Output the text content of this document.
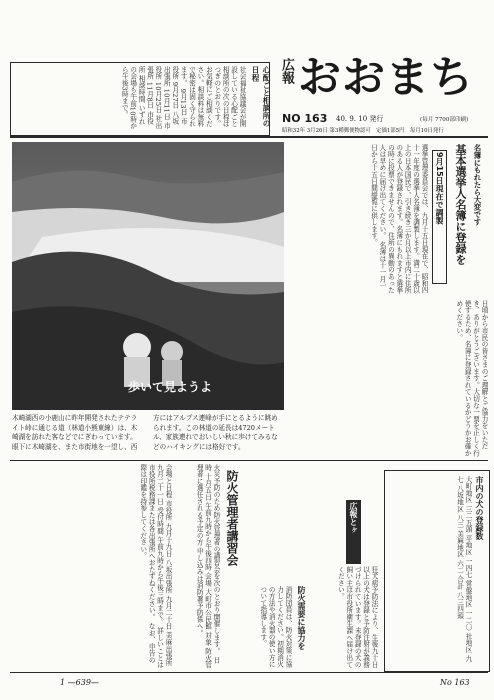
心配ごと相談所の日程
社会福祉協議会が開設している心配ごと相談所の次の日程はつぎのとおりです。お気軽にご相談ください。相談料は無料で秘密は固く守られます。 9月13日 市役所 9月27日 八坂出張所 10月11日 市役所 10月25日 社出張所 11月8日 市役所 相談時間 いずれの会場も午前10時から午後3時まで。	広報 おおまち
NO 163 40. 9. 10 発行	(毎月 7700部印刷)
昭和32年 3月26日 第3種郵便物認可　定価1部5円　毎月10日発行
歩いて見ようよ
木崎湖西の小鹿山に昨年開発されたテテライト峠に通じる道（林道小熊東線）は、木崎湖を訪れた客などでにぎわっています。 眼下に木崎湖を、また市街地を一望し、西方にはアルプス連峰が手にとるように眺められます。この林道の延長は4720メートル、家族連れでおいしい秋に歩けてみるなどのハイキングには格好です。
名簿にもれたら大変です
基本選挙人名簿に登録を
9月15日現在で調製
選挙管理委員会では、九月十五日現在で、昭和四十一年度の選挙人名簿を調製します。満二十歳以上の日本国民で、引き続き三か月以上市内に住所のある人が登録されます。名簿にもれますと選挙の時に投票できませんので、住所の異動のあった人は早めに届け出てください。 名簿は十一月一日から十五日間縦覧に供します。
日頃から市民の皆さまのご理解とご協力をいただき、ありがとうございます。大切な一票を正しく行使するため、名簿に登録されているかどうかお確かめください。
会場と日程 市役所 九月十九日 八坂出張所 九月二十日 美麻出張所 九月二十一日 受付時間 午前九時から午後三時まで。 詳しいことは市役所税務課または各出張所へおたずねください。 なお、申告の際は印鑑を持参してください。	防火管理者講習会
火災予防のため防火管理者の講習会を次のとおり開催します。 日時 十月五日 午前九時から午後四時 会場 大町市公民館 対象 防火管理者に選任される予定の方 申し込みは消防署予防係へ。	防火需要に協力を
消防団員は、防火対策に協力してください。初期消火の方法や消火器の使い方について指導します。
市内の犬の登録数
大町地区 三二五頭 平地区 一四七 常盤地区 一二〇 社地区 九七 八坂地区 八三 美麻地区 六二 合計 八三四頭
広報とヶ
狂犬病予防法により、生後九十日以上の犬は登録と予防注射が義務づけられています。未登録の犬の飼い主は市役所衛生課へ届け出てください。
1 —639—	No 163
